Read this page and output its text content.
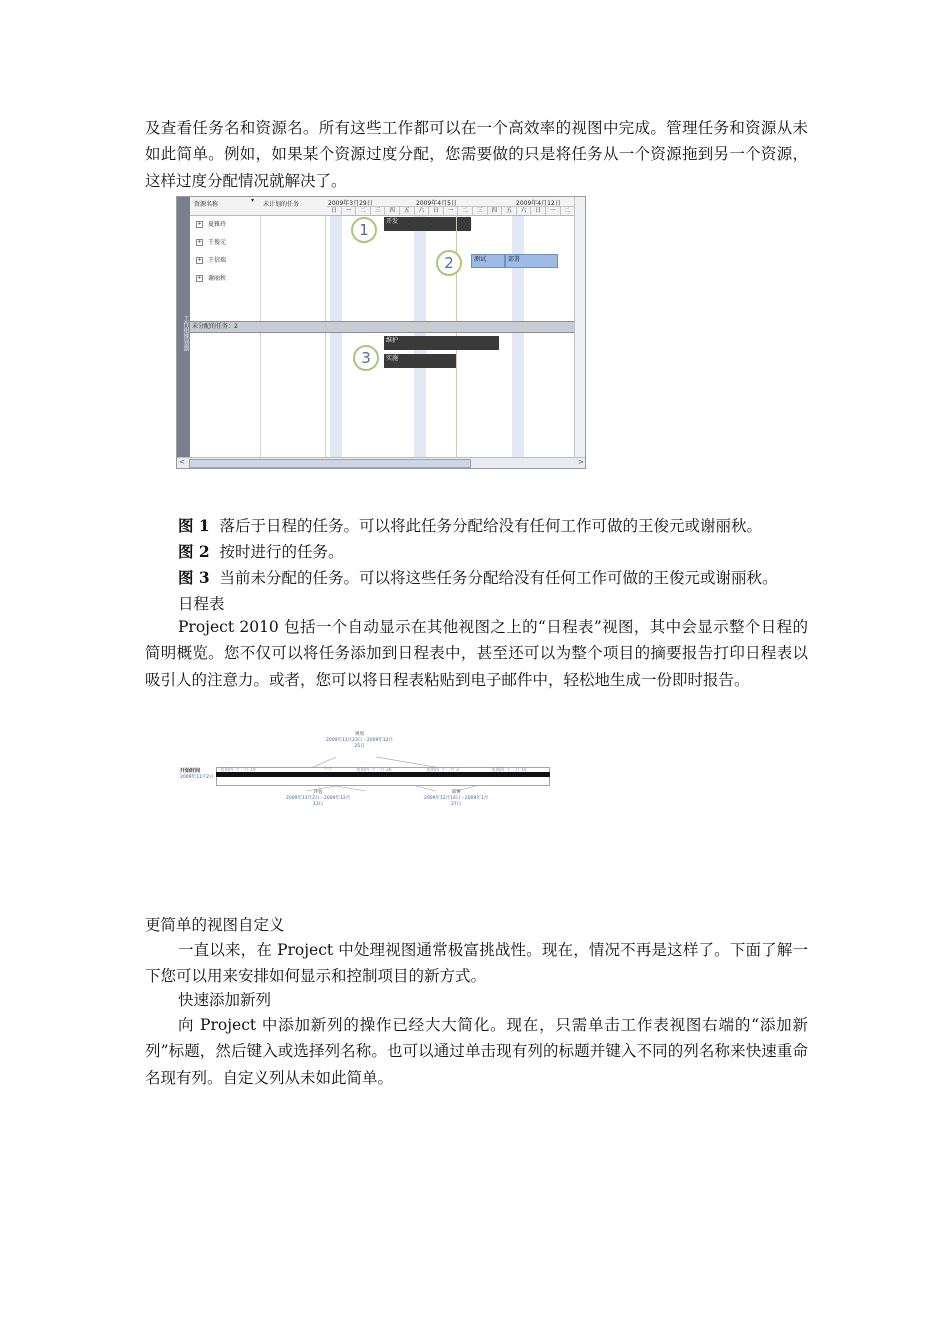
及查看任务名和资源名。所有这些工作都可以在一个高效率的视图中完成。管理任务和资源从未如此简单。例如，如果某个资源过度分配，您需要做的只是将任务从一个资源拖到另一个资源，这样过度分配情况就解决了。

工作组规划器
资源名称
▾
未计划的任务	2009年3月29日	2009年4月5日	2009年4月12日
日	一	二	三	四	五	六	日	一	二	三	四	五	六	日	一	二
+ 夏雅玲
+ 王俊元
+ 王信瑞
+ 谢丽秋
开发
测试	部署
未分配的任务：2
维护
实施
1
2
3
<	>

图 1 落后于日程的任务。可以将此任务分配给没有任何工作可做的王俊元或谢丽秋。

图 2 按时进行的任务。

图 3 当前未分配的任务。可以将这些任务分配给没有任何工作可做的王俊元或谢丽秋。

日程表

Project 2010 包括一个自动显示在其他视图之上的“日程表”视图，其中会显示整个日程的简明概览。您不仅可以将任务添加到日程表中，甚至还可以为整个项目的摘要报告打印日程表以吸引人的注意力。或者，您可以将日程表粘贴到电子邮件中，轻松地生成一份即时报告。

规划
2009年11月23日 - 2009年12月
25日
开始时间
2009年11月2日
星期四 十一月 19	今天	星期四 十一月 26	星期四 十二月 3	星期四 十二月 10
评估
2009年11月2日 - 2009年12月
13日
部署
2009年12月14日 - 2009年1月
27日

更简单的视图自定义

一直以来，在 Project 中处理视图通常极富挑战性。现在，情况不再是这样了。下面了解一下您可以用来安排如何显示和控制项目的新方式。

快速添加新列

向 Project 中添加新列的操作已经大大简化。现在，只需单击工作表视图右端的“添加新列”标题，然后键入或选择列名称。也可以通过单击现有列的标题并键入不同的列名称来快速重命名现有列。自定义列从未如此简单。
